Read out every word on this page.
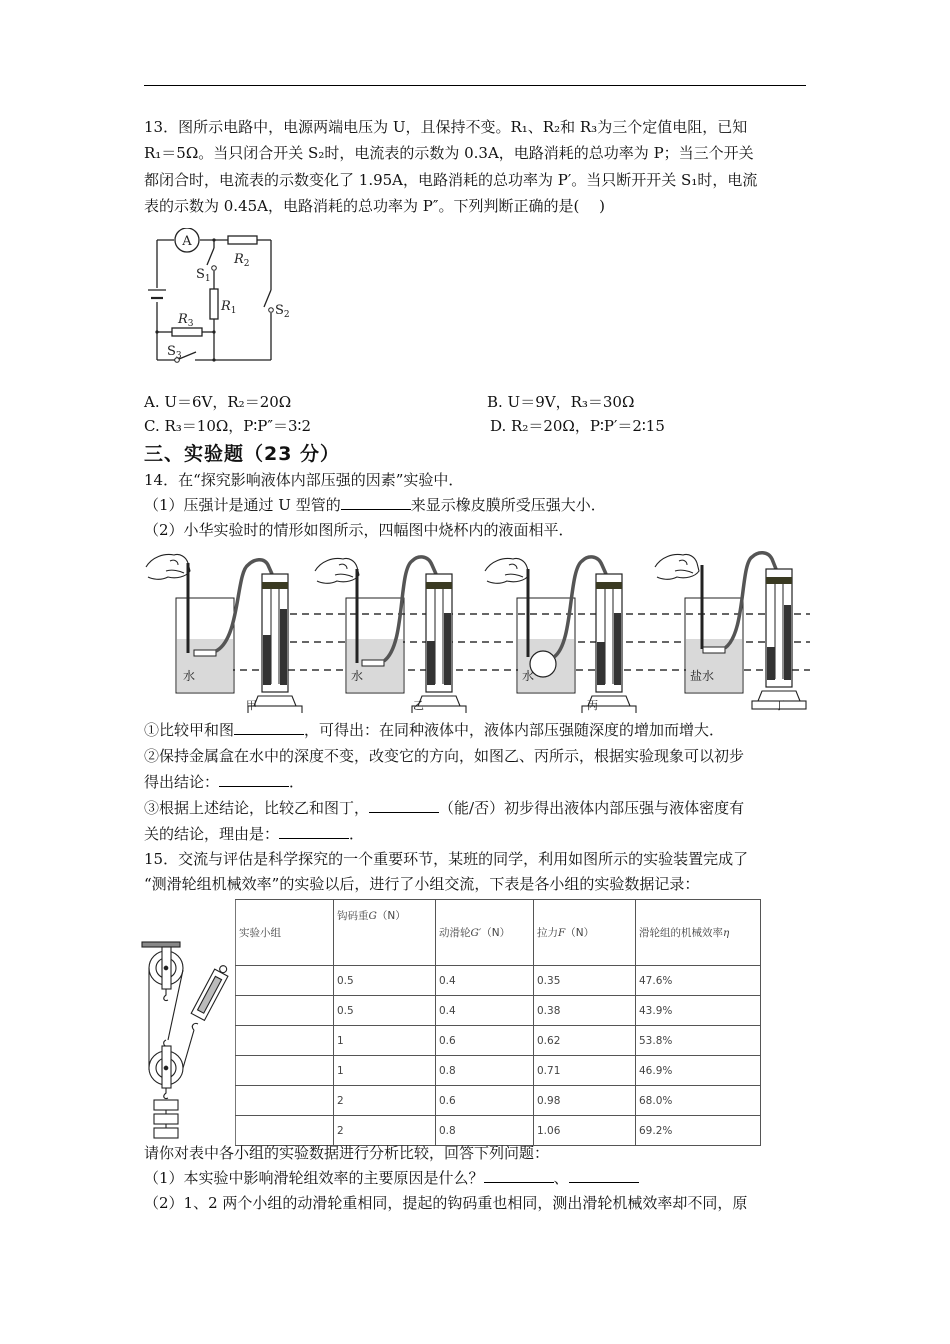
13．图所示电路中，电源两端电压为 U，且保持不变。R₁、R₂和 R₃为三个定值电阻，已知
R₁＝5Ω。当只闭合开关 S₂时，电流表的示数为 0.3A，电路消耗的总功率为 P；当三个开关
都闭合时，电流表的示数变化了 1.95A，电路消耗的总功率为 P′。当只断开开关 S₁时，电流
表的示数为 0.45A，电路消耗的总功率为 P″。下列判断正确的是(　 )
A
$R_2$
$R_1$
$R_3$
$S_1$
$S_2$
$S_3$
A. U＝6V，R₂＝20Ω	B. U＝9V，R₃＝30Ω
C. R₃＝10Ω，P∶P″＝3∶2	D. R₂＝20Ω，P∶P′＝2∶15
三、实验题（23 分）
14．在“探究影响液体内部压强的因素”实验中．
（1）压强计是通过 U 型管的	来显示橡皮膜所受压强大小．
（2）小华实验时的情形如图所示，四幅图中烧杯内的液面相平．
水
甲
水
乙
水
丙
盐水
丁
①比较甲和图	，可得出：在同种液体中，液体内部压强随深度的增加而增大．
②保持金属盒在水中的深度不变，改变它的方向，如图乙、丙所示，根据实验现象可以初步
得出结论：	．
③根据上述结论，比较乙和图丁，	（能/否）初步得出液体内部压强与液体密度有
关的结论，理由是：	．
15．交流与评估是科学探究的一个重要环节，某班的同学，利用如图所示的实验装置完成了
“测滑轮组机械效率”的实验以后，进行了小组交流，下表是各小组的实验数据记录：
实验小组	钩码重G（N）	动滑轮G′（N）	拉力F（N）	滑轮组的机械效率η
	0.5	0.4	0.35	47.6%
	0.5	0.4	0.38	43.9%
	1	0.6	0.62	53.8%
	1	0.8	0.71	46.9%
	2	0.6	0.98	68.0%
	2	0.8	1.06	69.2%
请你对表中各小组的实验数据进行分析比较，回答下列问题：
（1）本实验中影响滑轮组效率的主要原因是什么？	、
（2）1、2 两个小组的动滑轮重相同，提起的钩码重也相同，测出滑轮机械效率却不同，原
